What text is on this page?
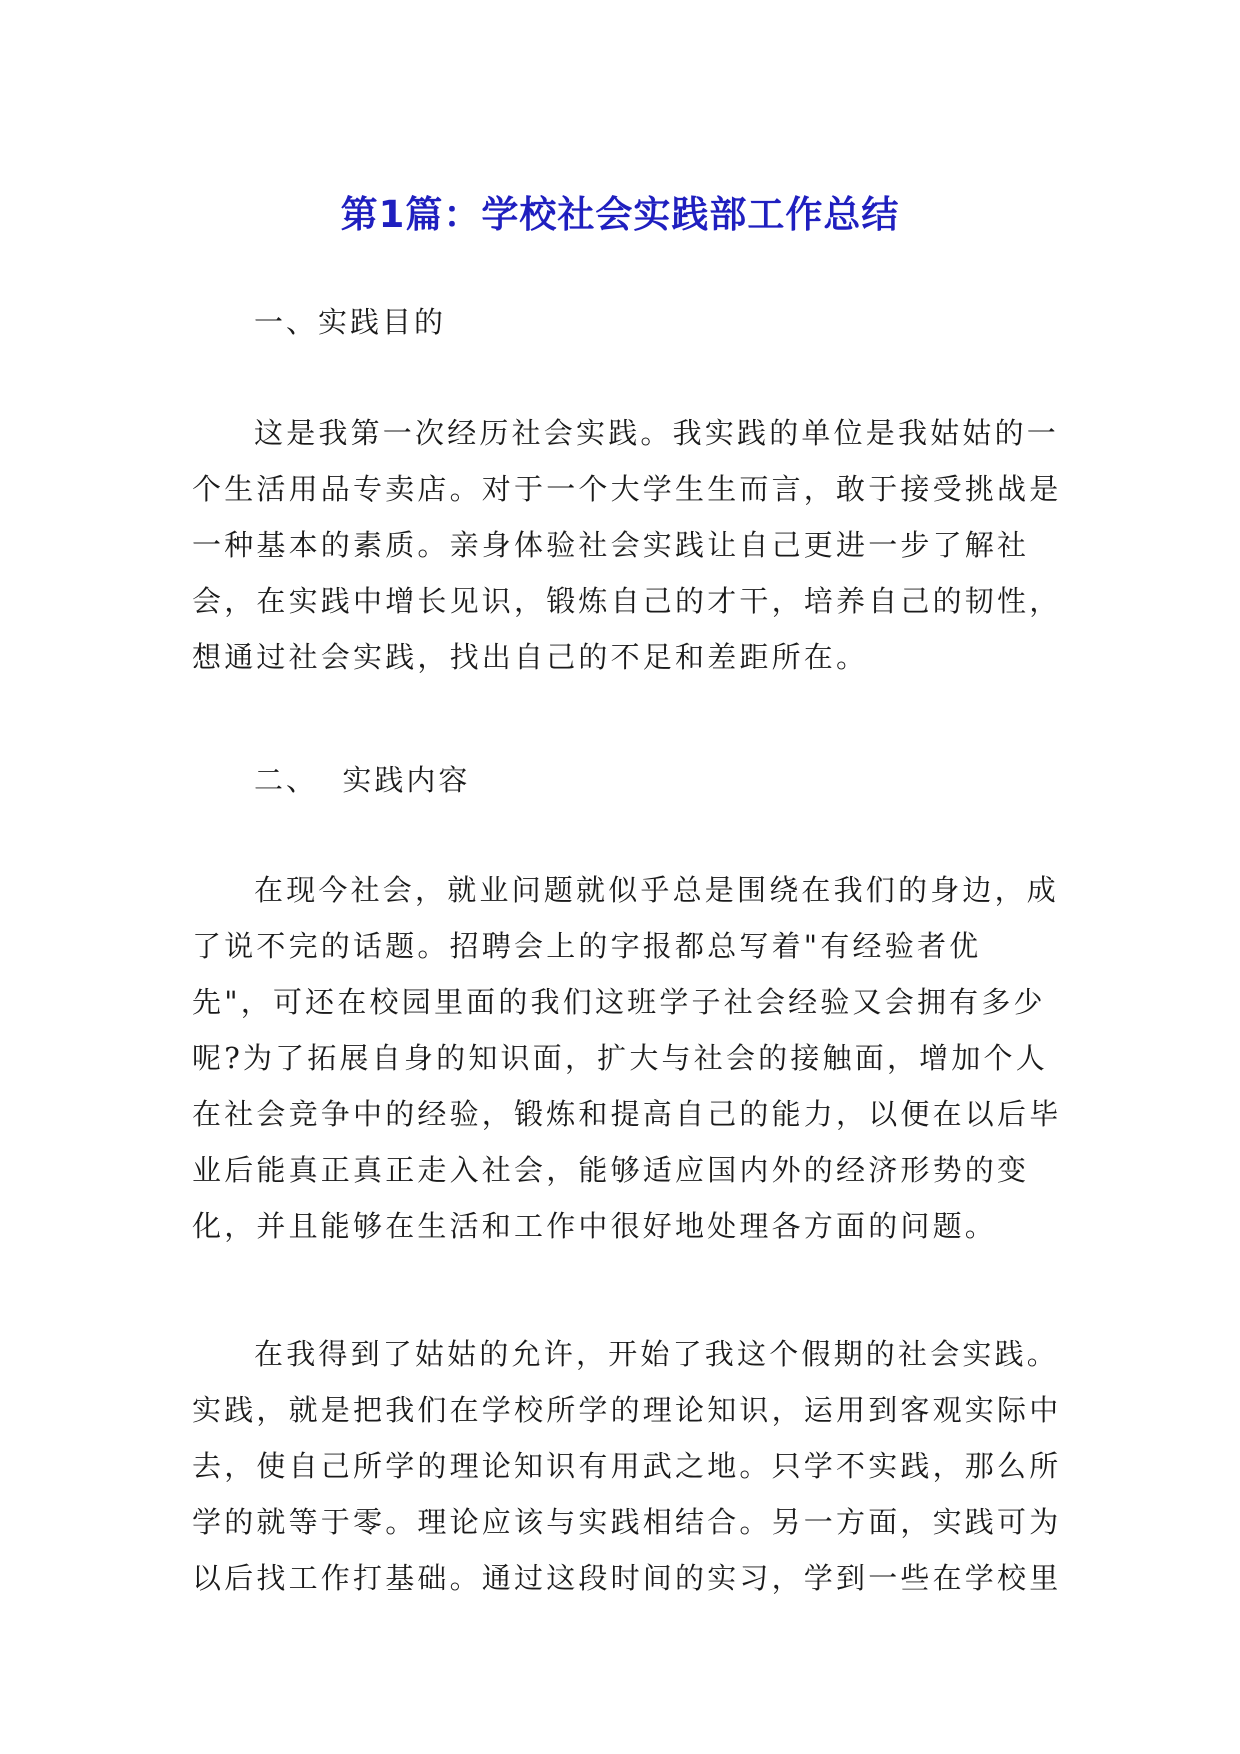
第1篇：学校社会实践部工作总结

一、实践目的

这是我第一次经历社会实践。我实践的单位是我姑姑的一个生活用品专卖店。对于一个大学生生而言，敢于接受挑战是一种基本的素质。亲身体验社会实践让自己更进一步了解社会，在实践中增长见识，锻炼自己的才干，培养自己的韧性，想通过社会实践，找出自己的不足和差距所在。

二、  实践内容

在现今社会，就业问题就似乎总是围绕在我们的身边，成了说不完的话题。招聘会上的字报都总写着"有经验者优先"，可还在校园里面的我们这班学子社会经验又会拥有多少呢?为了拓展自身的知识面，扩大与社会的接触面，增加个人在社会竞争中的经验，锻炼和提高自己的能力，以便在以后毕业后能真正真正走入社会，能够适应国内外的经济形势的变化，并且能够在生活和工作中很好地处理各方面的问题。

在我得到了姑姑的允许，开始了我这个假期的社会实践。实践，就是把我们在学校所学的理论知识，运用到客观实际中去，使自己所学的理论知识有用武之地。只学不实践，那么所学的就等于零。理论应该与实践相结合。另一方面，实践可为以后找工作打基础。通过这段时间的实习，学到一些在学校里
